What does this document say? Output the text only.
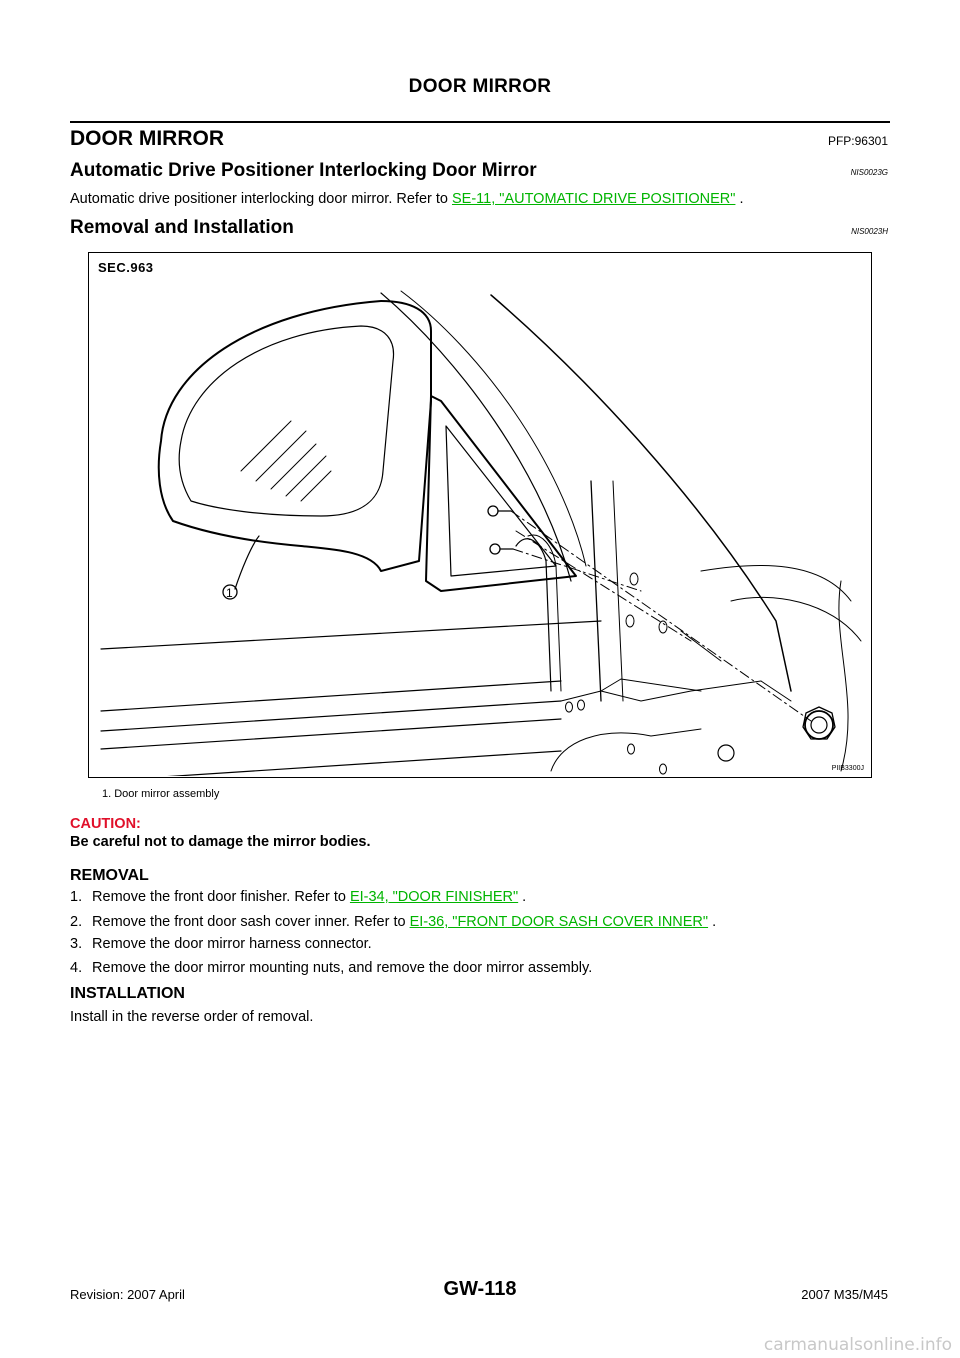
DOOR MIRROR
DOOR MIRROR	PFP:96301
Automatic Drive Positioner Interlocking Door Mirror	NIS0023G
Automatic drive positioner interlocking door mirror. Refer to SE-11, "AUTOMATIC DRIVE POSITIONER" .
Removal and Installation	NIS0023H
1
SEC.963
PIIB3300J
1. Door mirror assembly
CAUTION:
Be careful not to damage the mirror bodies.
REMOVAL
1. Remove the front door finisher. Refer to EI-34, "DOOR FINISHER" .
2. Remove the front door sash cover inner. Refer to EI-36, "FRONT DOOR SASH COVER INNER" .
3. Remove the door mirror harness connector.
4. Remove the door mirror mounting nuts, and remove the door mirror assembly.
INSTALLATION
Install in the reverse order of removal.
Revision: 2007 April	GW-118	2007 M35/M45
carmanualsonline.info
